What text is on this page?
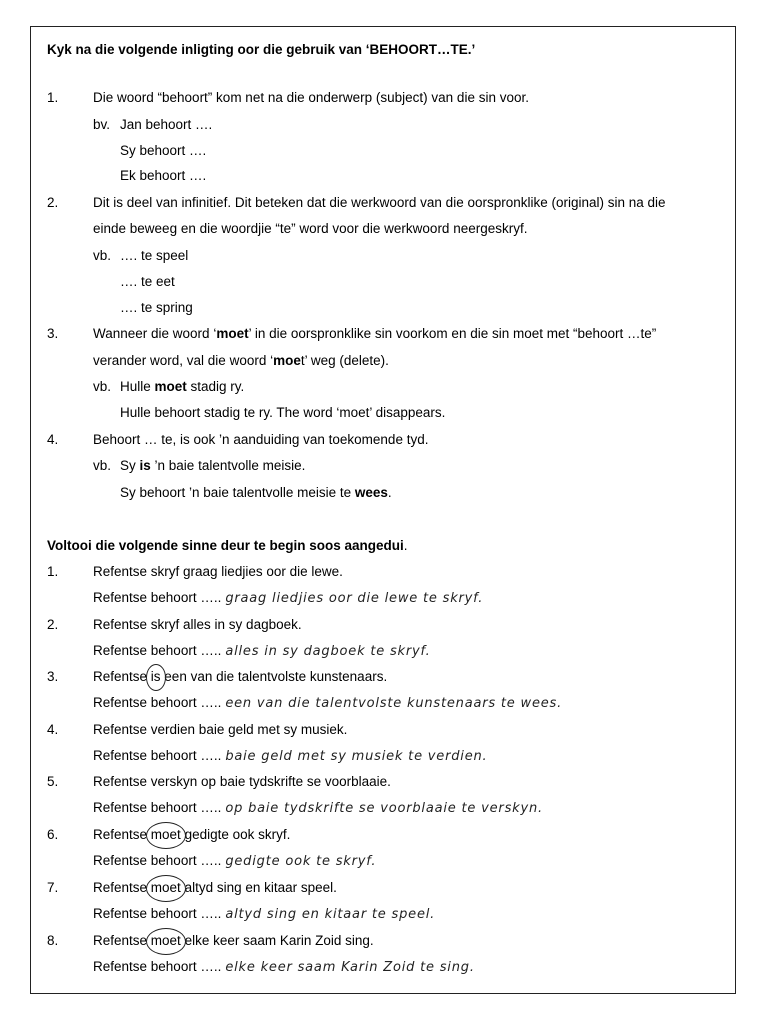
Kyk na die volgende inligting oor die gebruik van ‘BEHOORT…TE.’
1.	Die woord “behoort” kom net na die onderwerp (subject) van die sin voor.
bv. Jan behoort ….
Sy behoort ….
Ek behoort ….
2.	Dit is deel van infinitief. Dit beteken dat die werkwoord van die oorspronklike (original) sin na die
einde beweeg en die woordjie “te” word voor die werkwoord neergeskryf.
vb. …. te speel
…. te eet
…. te spring
3.	Wanneer die woord ‘moet’ in die oorspronklike sin voorkom en die sin moet met “behoort …te”
verander word, val die woord ‘moet’ weg (delete).
vb. Hulle moet stadig ry.
Hulle behoort stadig te ry. The word ‘moet’ disappears.
4.	Behoort … te, is ook ’n aanduiding van toekomende tyd.
vb. Sy is ’n baie talentvolle meisie.
Sy behoort ’n baie talentvolle meisie te wees.
Voltooi die volgende sinne deur te begin soos aangedui.
1.	Refentse skryf graag liedjies oor die lewe.
Refentse behoort ….. graag liedjies oor die lewe te skryf.
2.	Refentse skryf alles in sy dagboek.
Refentse behoort ….. alles in sy dagboek te skryf.
3.	Refentse is een van die talentvolste kunstenaars.
Refentse behoort ….. een van die talentvolste kunstenaars te wees.
4.	Refentse verdien baie geld met sy musiek.
Refentse behoort ….. baie geld met sy musiek te verdien.
5.	Refentse verskyn op baie tydskrifte se voorblaaie.
Refentse behoort ….. op baie tydskrifte se voorblaaie te verskyn.
6.	Refentse moet gedigte ook skryf.
Refentse behoort ….. gedigte ook te skryf.
7.	Refentse moet altyd sing en kitaar speel.
Refentse behoort ….. altyd sing en kitaar te speel.
8.	Refentse moet elke keer saam Karin Zoid sing.
Refentse behoort ….. elke keer saam Karin Zoid te sing.
